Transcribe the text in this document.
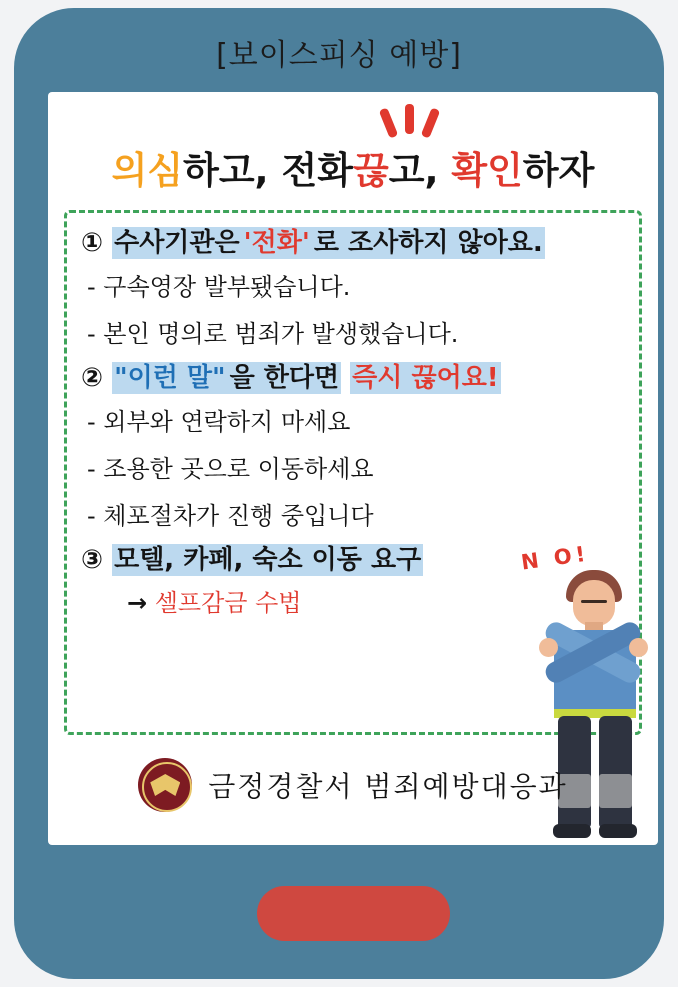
[보이스피싱 예방]
의심하고, 전화끊고, 확인하자
① 수사기관은 '전화' 로 조사하지 않아요.
- 구속영장 발부됐습니다.
- 본인 명의로 범죄가 발생했습니다.
② "이런 말" 을 한다면 즉시 끊어요!
- 외부와 연락하지 마세요
- 조용한 곳으로 이동하세요
- 체포절차가 진행 중입니다
③ 모텔, 카페, 숙소 이동 요구
→ 셀프감금 수법
N O!
금정경찰서 범죄예방대응과
